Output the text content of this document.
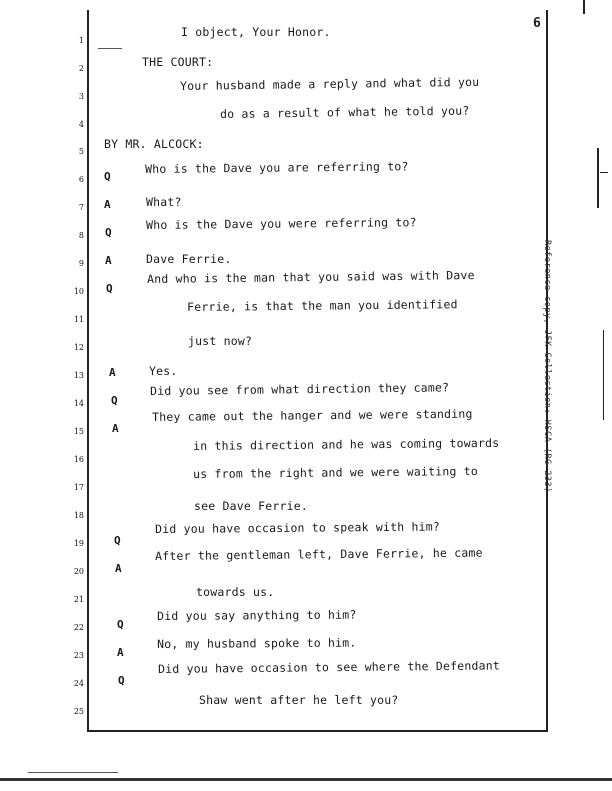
6
1
2
3
4
5
6
7
8
9
10
11
12
13
14
15
16
17
18
19
20
21
22
23
24
25
Q
A
Q
A
Q
A
Q
A
Q
A
Q
A
Q
I object, Your Honor.
THE COURT:
Your husband made a reply and what did you
do as a result of what he told you?
BY MR. ALCOCK:
Who is the Dave you are referring to?
What?
Who is the Dave you were referring to?
Dave Ferrie.
And who is the man that you said was with Dave
Ferrie, is that the man you identified
just now?
Yes.
Did you see from what direction they came?
They came out the hanger and we were standing
in this direction and he was coming towards
us from the right and we were waiting to
see Dave Ferrie.
Did you have occasion to speak with him?
After the gentleman left, Dave Ferrie, he came
towards us.
Did you say anything to him?
No, my husband spoke to him.
Did you have occasion to see where the Defendant
Shaw went after he left you?
Reference copy, JFK Collection: HSCA (RG 233)
